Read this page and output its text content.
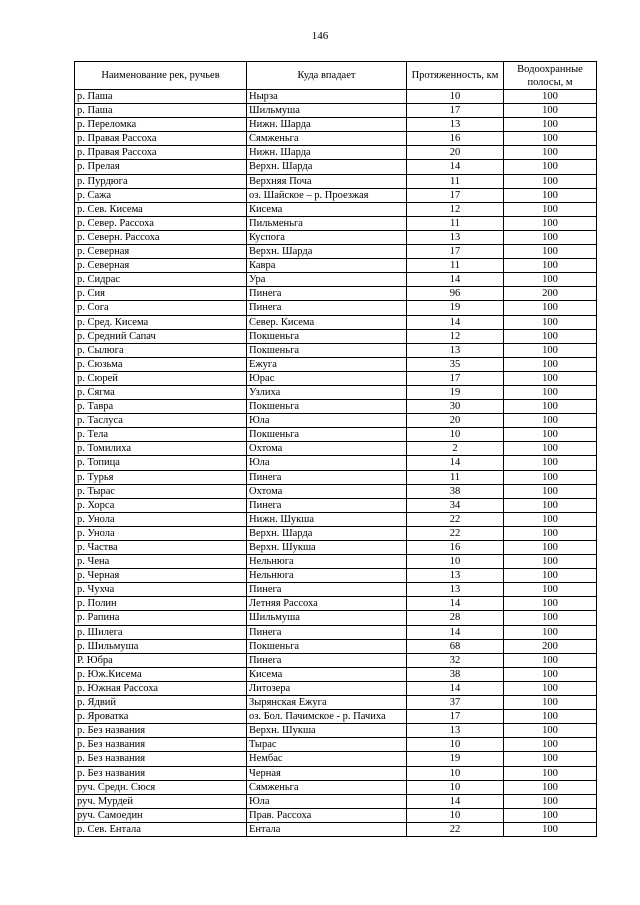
146
Наименование рек, ручьев	Куда впадает	Протяженность, км	Водоохранные полосы, м
р. Паша	Нырза	10	100
р. Паша	Шильмуша	17	100
р. Переломка	Нижн. Шарда	13	100
р. Правая Рассоха	Сямженьга	16	100
р. Правая Рассоха	Нижн. Шарда	20	100
р. Прелая	Верхн. Шарда	14	100
р. Пурдюга	Верхняя Поча	11	100
р. Сажа	оз. Шайское – р. Проезжая	17	100
р. Сев. Кисема	Кисема	12	100
р. Север. Рассоха	Пильменьга	11	100
р. Северн. Рассоха	Куспога	13	100
р. Северная	Верхн. Шарда	17	100
р. Северная	Кавра	11	100
р. Сидрас	Ура	14	100
р. Сия	Пинега	96	200
р. Сога	Пинега	19	100
р. Сред. Кисема	Север. Кисема	14	100
р. Средний Сапач	Покшеньга	12	100
р. Сылюга	Покшеньга	13	100
р. Сюзьма	Ежуга	35	100
р. Сюрей	Юрас	17	100
р. Сягма	Узлиха	19	100
р. Тавра	Покшеньга	30	100
р. Таслуса	Юла	20	100
р. Тела	Покшеньга	10	100
р. Томилиха	Охтома	2	100
р. Топица	Юла	14	100
р. Турья	Пинега	11	100
р. Тырас	Охтома	38	100
р. Хорса	Пинега	34	100
р. Унола	Нижн. Шукша	22	100
р. Унола	Верхн. Шарда	22	100
р. Частва	Верхн. Шукша	16	100
р. Чена	Нельнюга	10	100
р. Черная	Нельнюга	13	100
р. Чухча	Пинега	13	100
р. Полин	Летняя Рассоха	14	100
р. Рапина	Шильмуша	28	100
р. Шилега	Пинега	14	100
р. Шильмуша	Покшеньга	68	200
Р. Юбра	Пинега	32	100
р. Юж.Кисема	Кисема	38	100
р. Южная Рассоха	Литозера	14	100
р. Ядвий	Зырянская Ежуга	37	100
р. Яроватка	оз. Бол. Пачимское - р. Пачиха	17	100
р. Без названия	Верхн. Шукша	13	100
р. Без названия	Тырас	10	100
р. Без названия	Нембас	19	100
р. Без названия	Черная	10	100
руч. Средн. Сюся	Сямженьга	10	100
руч. Мурдей	Юла	14	100
руч. Самоедин	Прав. Рассоха	10	100
р. Сев. Ентала	Ентала	22	100
